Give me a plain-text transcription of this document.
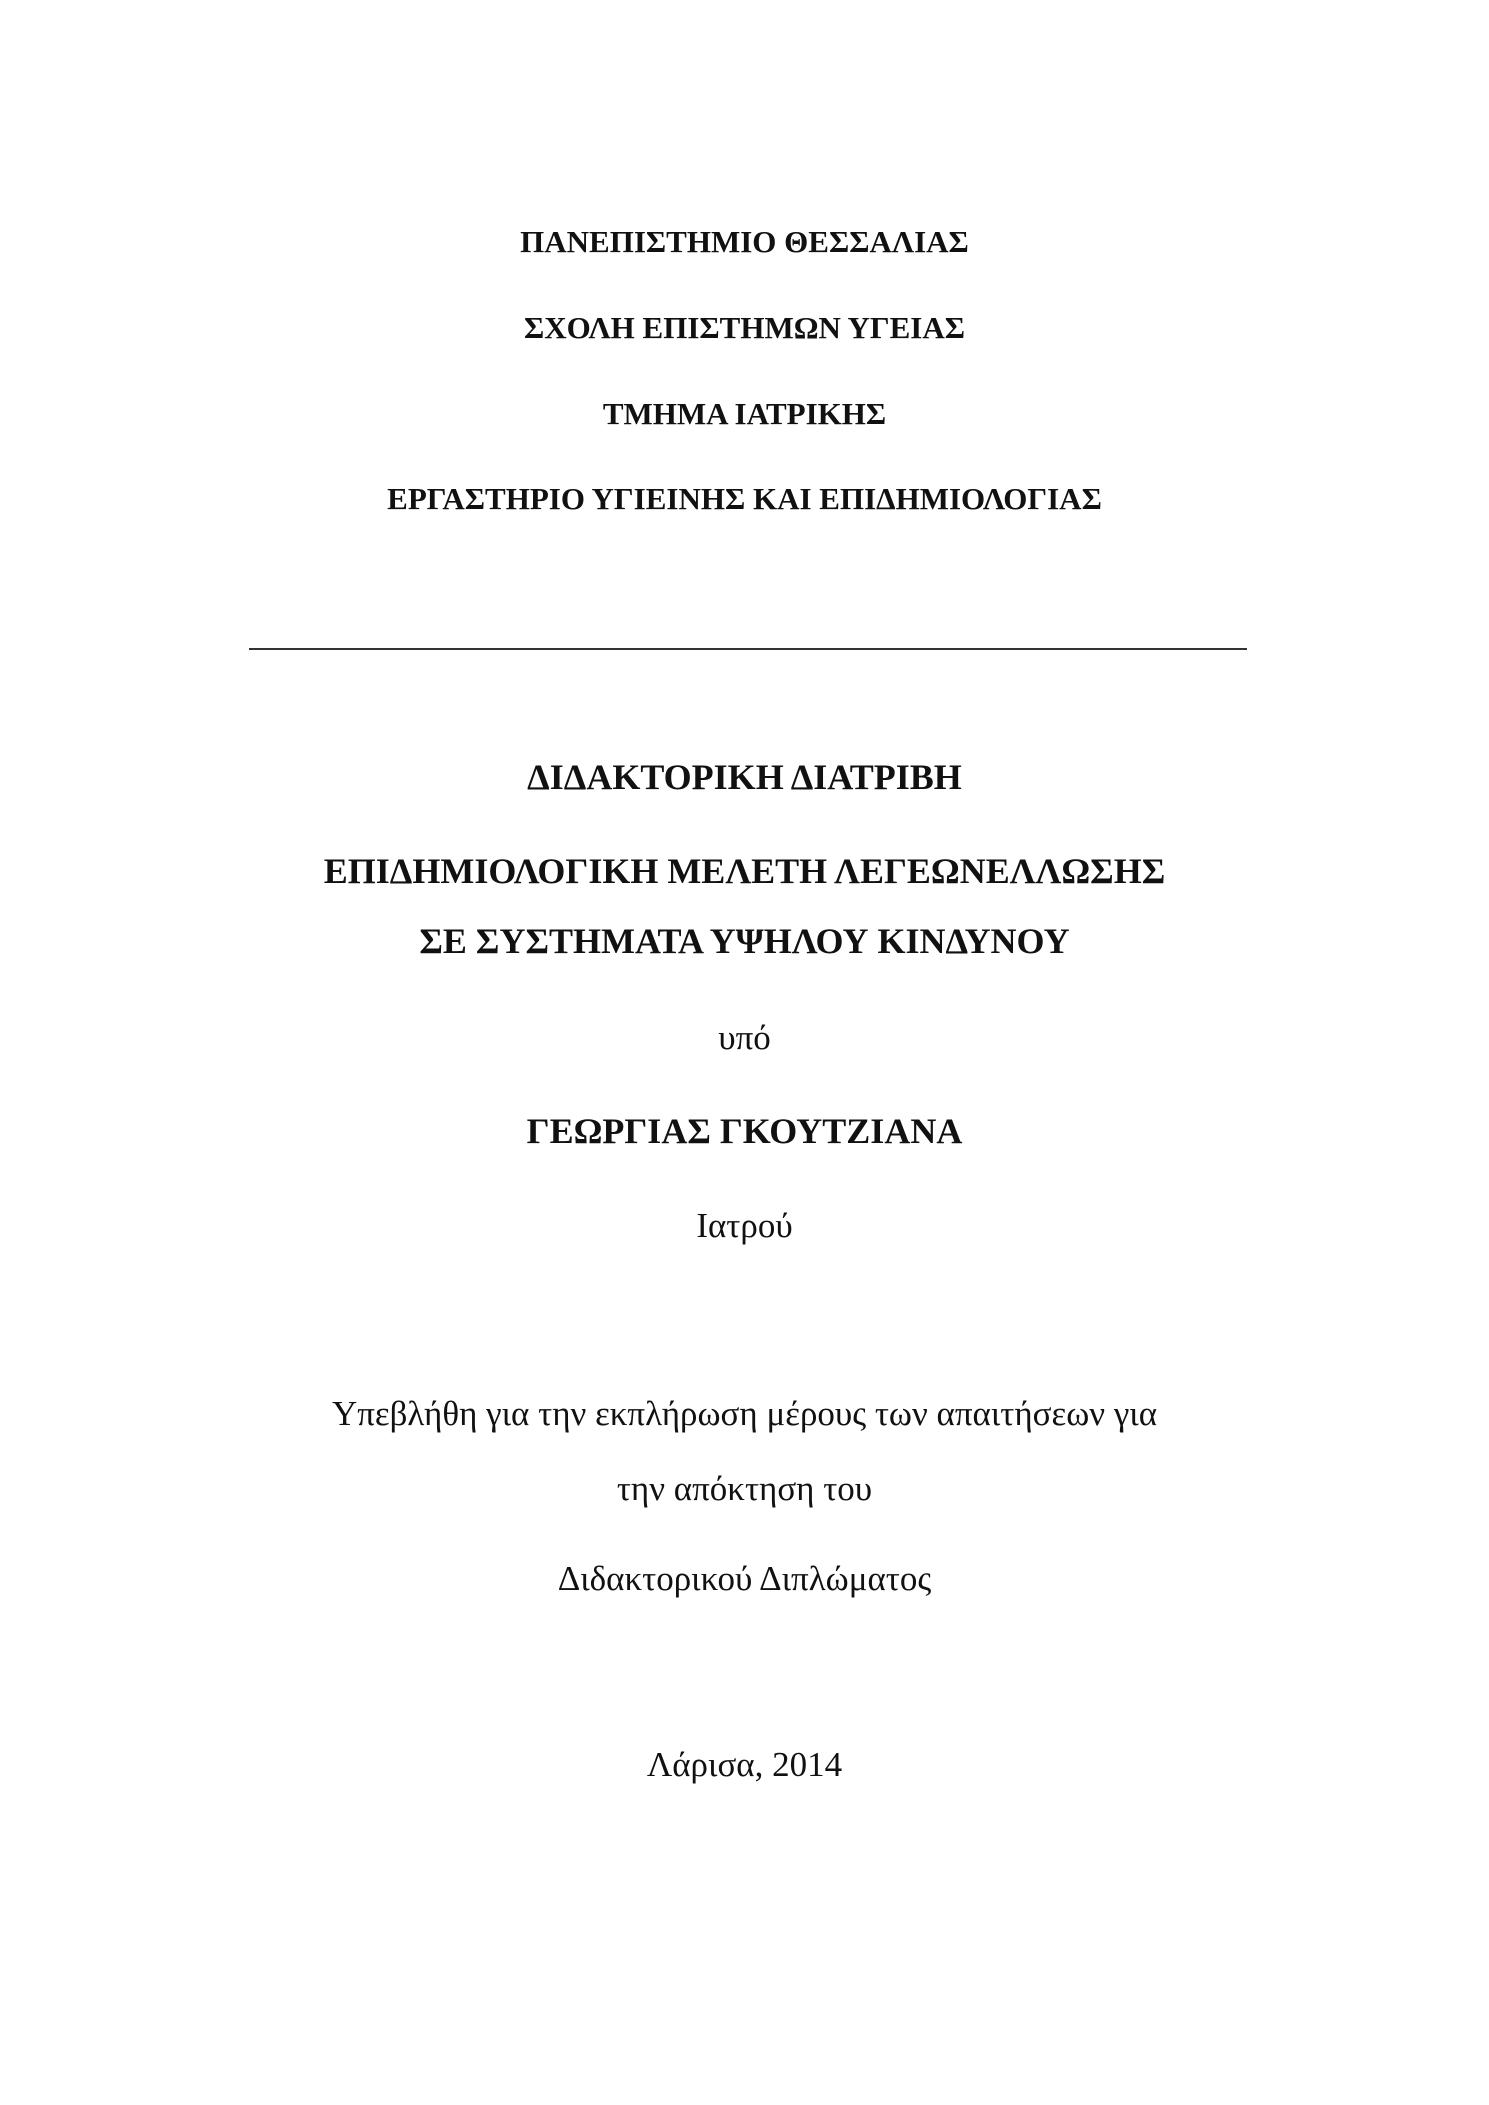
ΠΑΝΕΠΙΣΤΗΜΙΟ ΘΕΣΣΑΛΙΑΣ
ΣΧΟΛΗ ΕΠΙΣΤΗΜΩΝ ΥΓΕΙΑΣ
ΤΜΗΜΑ ΙΑΤΡΙΚΗΣ
ΕΡΓΑΣΤΗΡΙΟ ΥΓΙΕΙΝΗΣ ΚΑΙ ΕΠΙΔΗΜΙΟΛΟΓΙΑΣ
ΔΙΔΑΚΤΟΡΙΚΗ ΔΙΑΤΡΙΒΗ
ΕΠΙΔΗΜΙΟΛΟΓΙΚΗ ΜΕΛΕΤΗ ΛΕΓΕΩΝΕΛΛΩΣΗΣ
ΣΕ ΣΥΣΤΗΜΑΤΑ ΥΨΗΛΟΥ ΚΙΝΔΥΝΟΥ
υπό
ΓΕΩΡΓΙΑΣ ΓΚΟΥΤΖΙΑΝΑ
Ιατρού
Υπεβλήθη για την εκπλήρωση μέρους των απαιτήσεων για
την απόκτηση του
Διδακτορικού Διπλώματος
Λάρισα, 2014
